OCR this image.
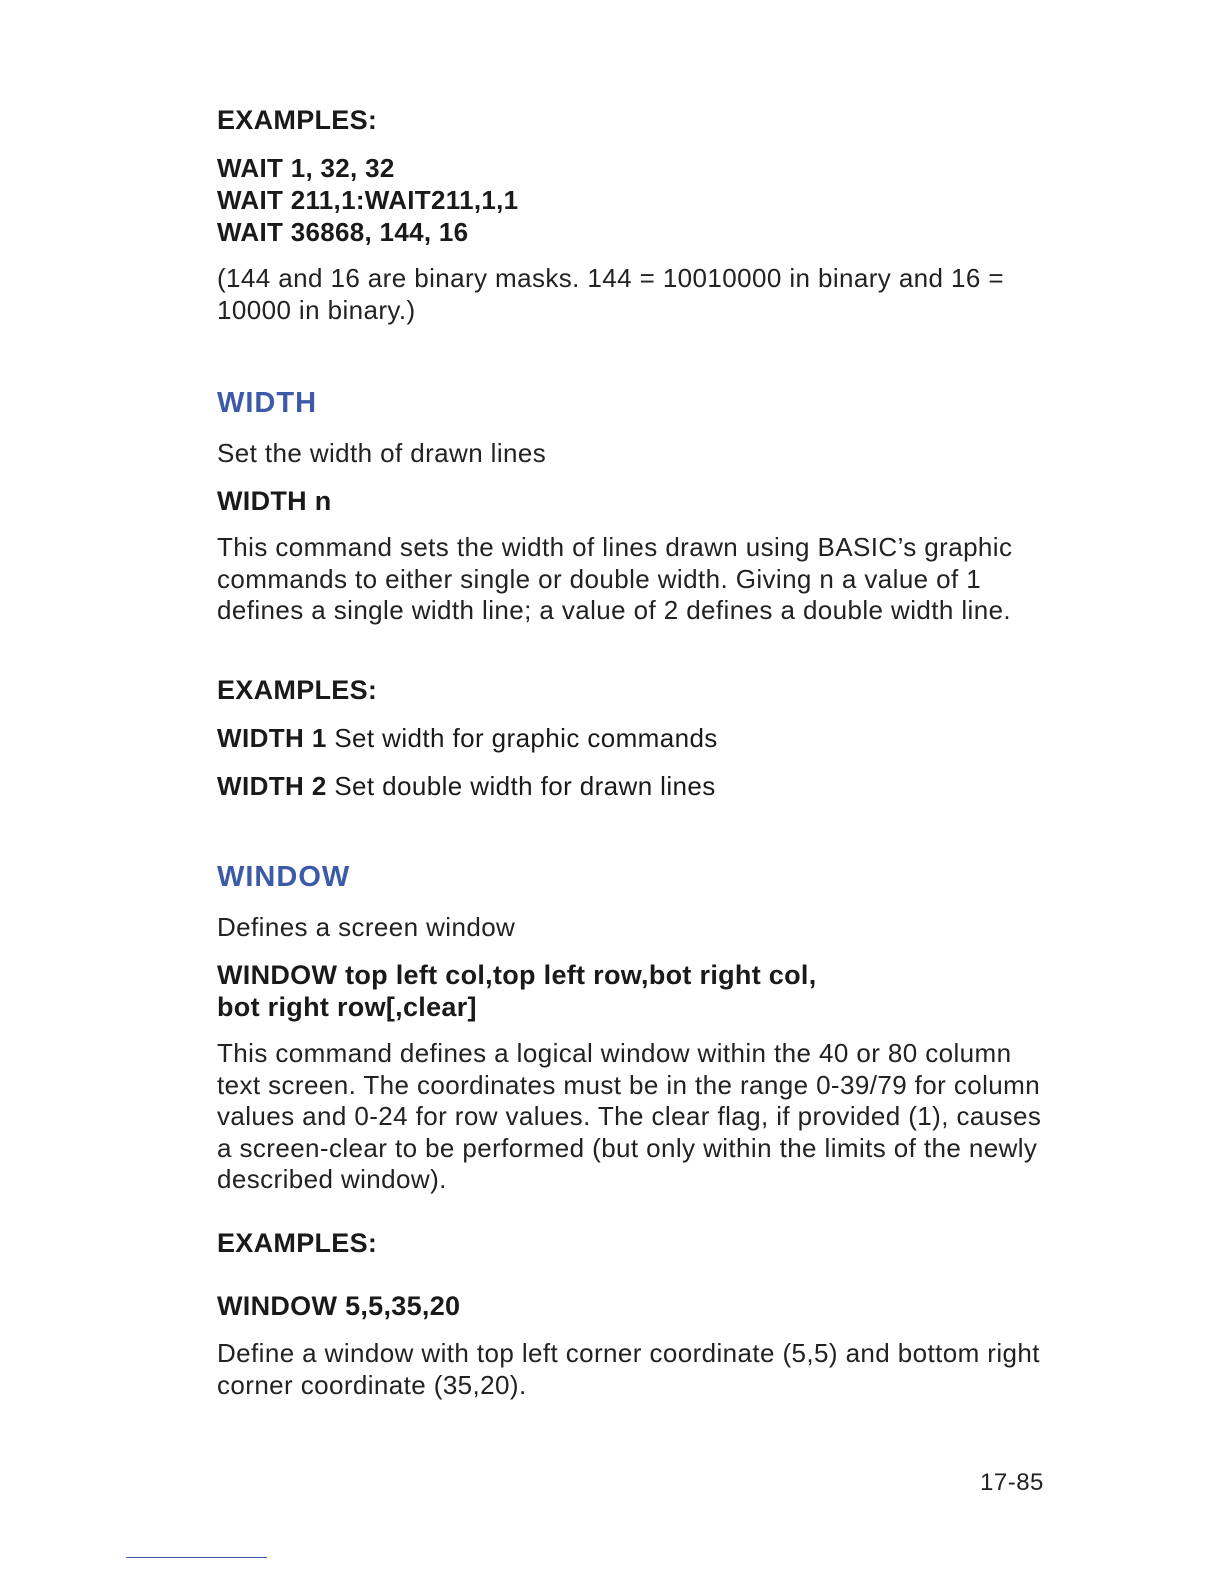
EXAMPLES:
WAIT 1, 32, 32
WAIT 211,1:WAIT211,1,1
WAIT 36868, 144, 16
(144 and 16 are binary masks. 144 = 10010000 in binary and 16 = 10000 in binary.)
WIDTH
Set the width of drawn lines
WIDTH n
This command sets the width of lines drawn using BASIC’s graphic commands to either single or double width. Giving n a value of 1 defines a single width line; a value of 2 defines a double width line.
EXAMPLES:
WIDTH 1 Set width for graphic commands
WIDTH 2 Set double width for drawn lines
WINDOW
Defines a screen window
WINDOW top left col,top left row,bot right col,
bot right row[,clear]
This command defines a logical window within the 40 or 80 column text screen. The coordinates must be in the range 0-39/79 for column values and 0-24 for row values. The clear flag, if provided (1), causes a screen-clear to be performed (but only within the limits of the newly described window).
EXAMPLES:
WINDOW 5,5,35,20
Define a window with top left corner coordinate (5,5) and bottom right corner coordinate (35,20).
17-85
